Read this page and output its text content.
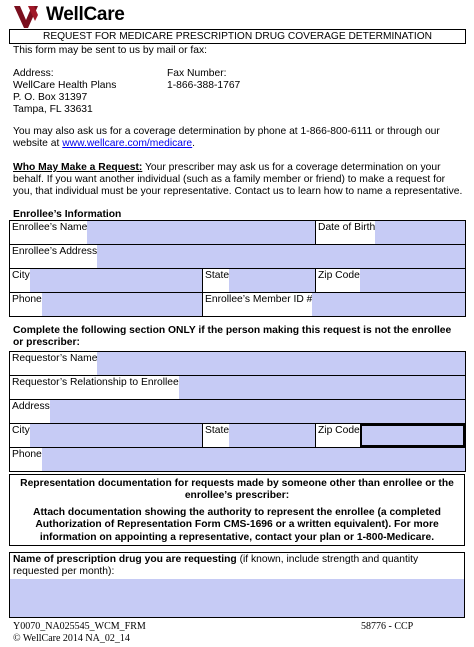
WellCare
REQUEST FOR MEDICARE PRESCRIPTION DRUG COVERAGE DETERMINATION
This form may be sent to us by mail or fax:
Address:
WellCare Health Plans
P. O. Box 31397
Tampa, FL 33631
Fax Number:
1-866-388-1767
You may also ask us for a coverage determination by phone at 1-866-800-6111 or through our website at www.wellcare.com/medicare.
Who May Make a Request: Your prescriber may ask us for a coverage determination on your behalf. If you want another individual (such as a family member or friend) to make a request for you, that individual must be your representative. Contact us to learn how to name a representative.
Enrollee’s Information
Enrollee’s Name		Date of Birth

Enrollee’s Address		

City	State	Zip Code

Phone	Enrollee’s Member ID #	
Complete the following section ONLY if the person making this request is not the enrollee or prescriber:
Requestor’s Name

Requestor’s Relationship to Enrollee

Address

City	State	Zip Code

Phone
Representation documentation for requests made by someone other than enrollee or the enrollee’s prescriber:
Attach documentation showing the authority to represent the enrollee (a completed Authorization of Representation Form CMS-1696 or a written equivalent). For more information on appointing a representative, contact your plan or 1-800-Medicare.
Name of prescription drug you are requesting (if known, include strength and quantity requested per month):
Y0070_NA025545_WCM_FRM
© WellCare 2014 NA_02_14
58776 - CCP
